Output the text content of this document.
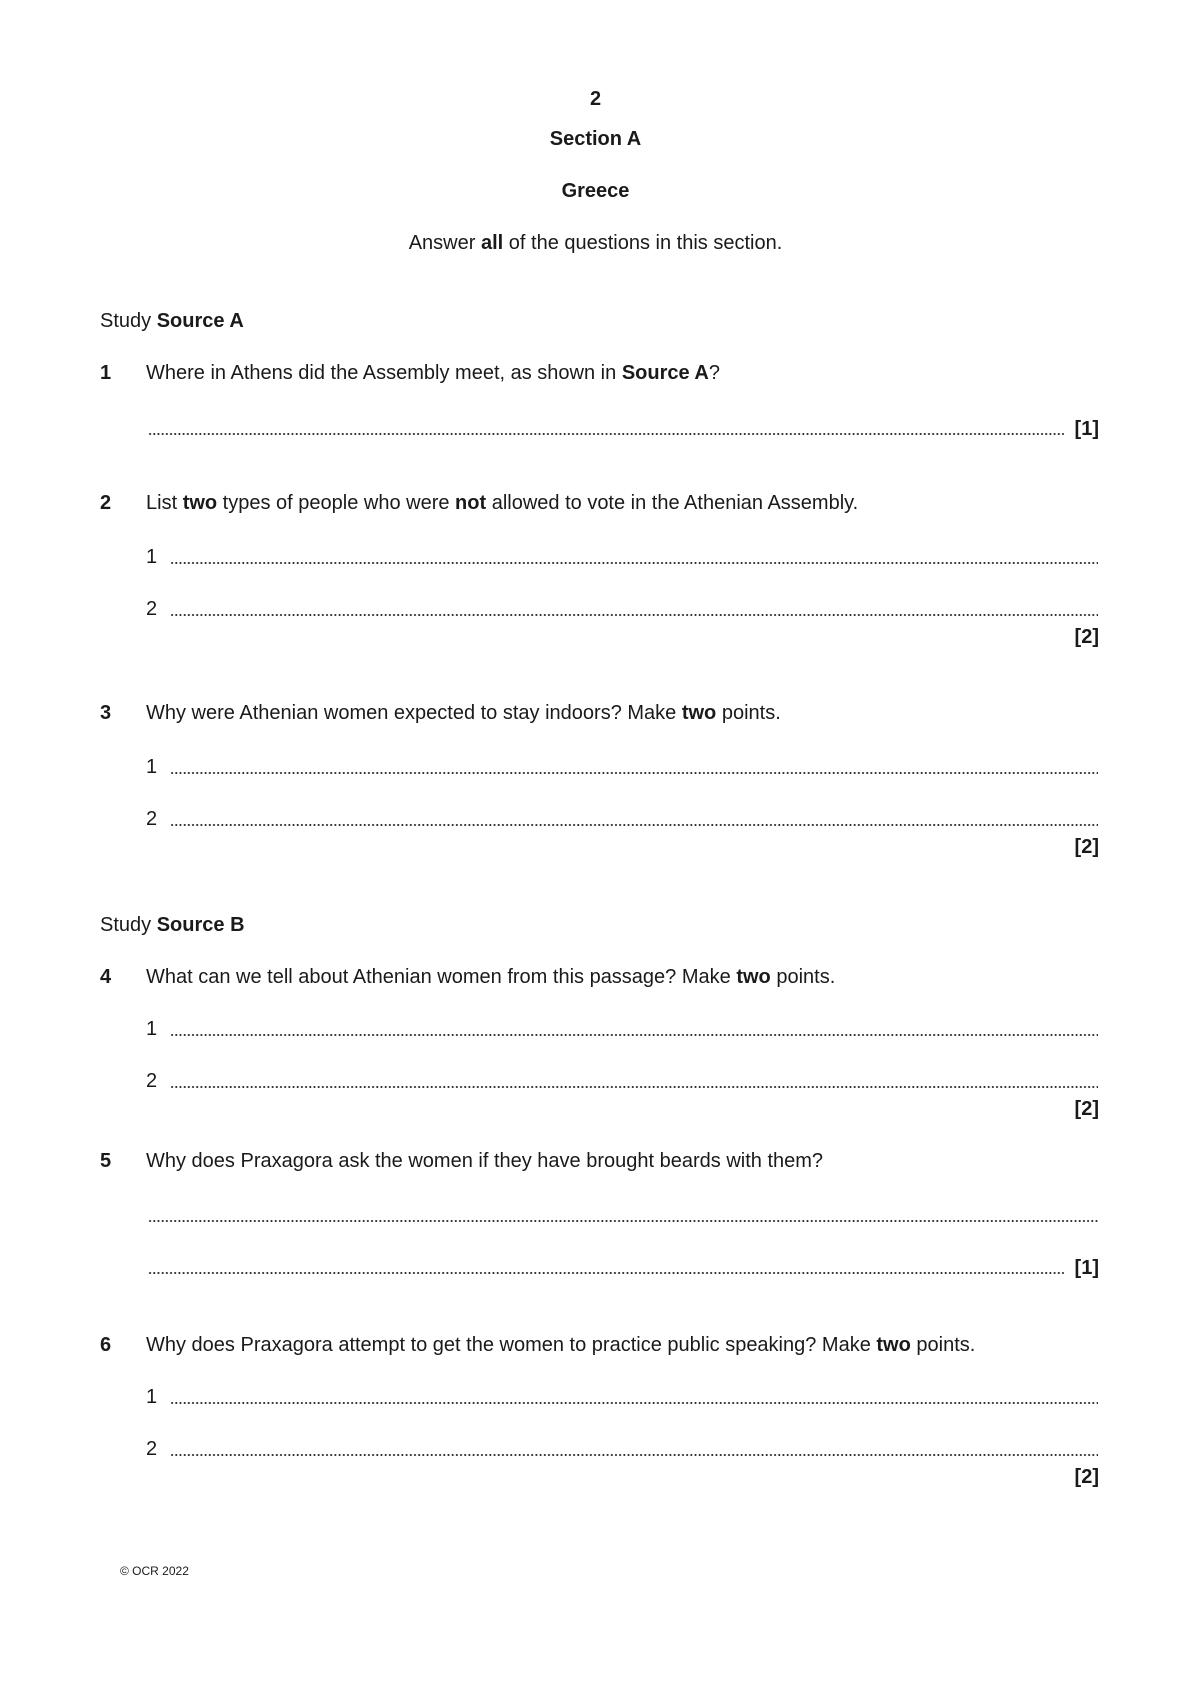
2
Section A
Greece
Answer all of the questions in this section.
Study Source A
1 Where in Athens did the Assembly meet, as shown in Source A?
[1]
2 List two types of people who were not allowed to vote in the Athenian Assembly.
1
2
[2]
3 Why were Athenian women expected to stay indoors? Make two points.
1
2
[2]
Study Source B
4 What can we tell about Athenian women from this passage? Make two points.
1
2
[2]
5 Why does Praxagora ask the women if they have brought beards with them?
[1]
6 Why does Praxagora attempt to get the women to practice public speaking? Make two points.
1
2
[2]
© OCR 2022
